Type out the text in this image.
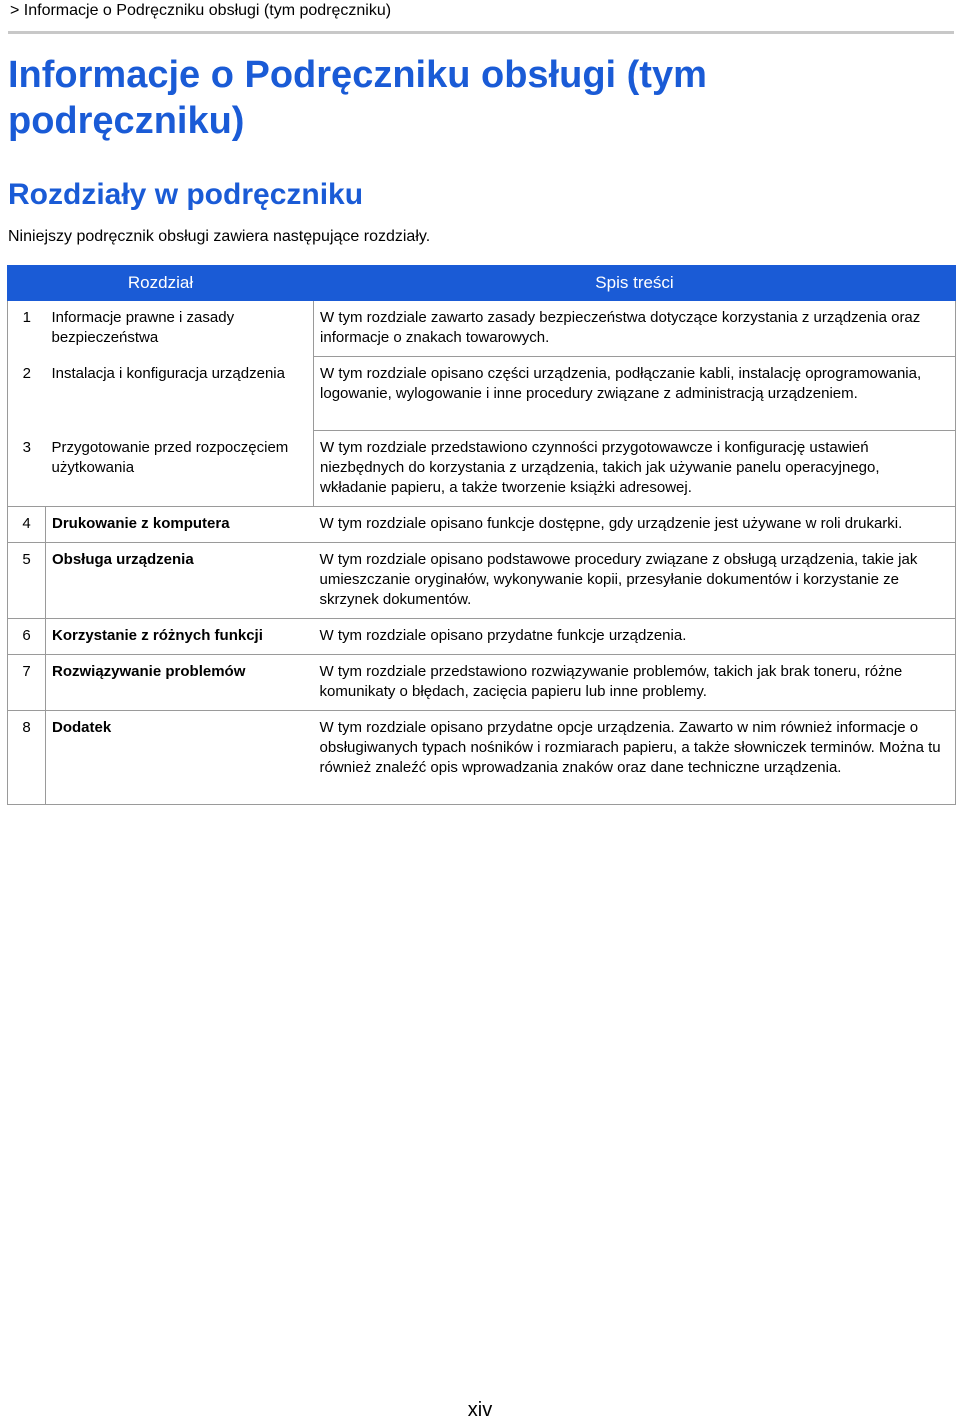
> Informacje o Podręczniku obsługi (tym podręczniku)
Informacje o Podręczniku obsługi (tym podręczniku)
Rozdziały w podręczniku
Niniejszy podręcznik obsługi zawiera następujące rozdziały.
Rozdział		Spis treści
1	Informacje prawne i zasady bezpieczeństwa	W tym rozdziale zawarto zasady bezpieczeństwa dotyczące korzystania z urządzenia oraz informacje o znakach towarowych.
2	Instalacja i konfiguracja urządzenia	W tym rozdziale opisano części urządzenia, podłączanie kabli, instalację oprogramowania, logowanie, wylogowanie i inne procedury związane z administracją urządzeniem.
3	Przygotowanie przed rozpoczęciem użytkowania	W tym rozdziale przedstawiono czynności przygotowawcze i konfigurację ustawień niezbędnych do korzystania z urządzenia, takich jak używanie panelu operacyjnego, wkładanie papieru, a także tworzenie książki adresowej.
4	Drukowanie z komputera	W tym rozdziale opisano funkcje dostępne, gdy urządzenie jest używane w roli drukarki.
5	Obsługa urządzenia	W tym rozdziale opisano podstawowe procedury związane z obsługą urządzenia, takie jak umieszczanie oryginałów, wykonywanie kopii, przesyłanie dokumentów i korzystanie ze skrzynek dokumentów.
6	Korzystanie z różnych funkcji	W tym rozdziale opisano przydatne funkcje urządzenia.
7	Rozwiązywanie problemów	W tym rozdziale przedstawiono rozwiązywanie problemów, takich jak brak toneru, różne komunikaty o błędach, zacięcia papieru lub inne problemy.
8	Dodatek	W tym rozdziale opisano przydatne opcje urządzenia. Zawarto w nim również informacje o obsługiwanych typach nośników i rozmiarach papieru, a także słowniczek terminów. Można tu również znaleźć opis wprowadzania znaków oraz dane techniczne urządzenia.
xiv
